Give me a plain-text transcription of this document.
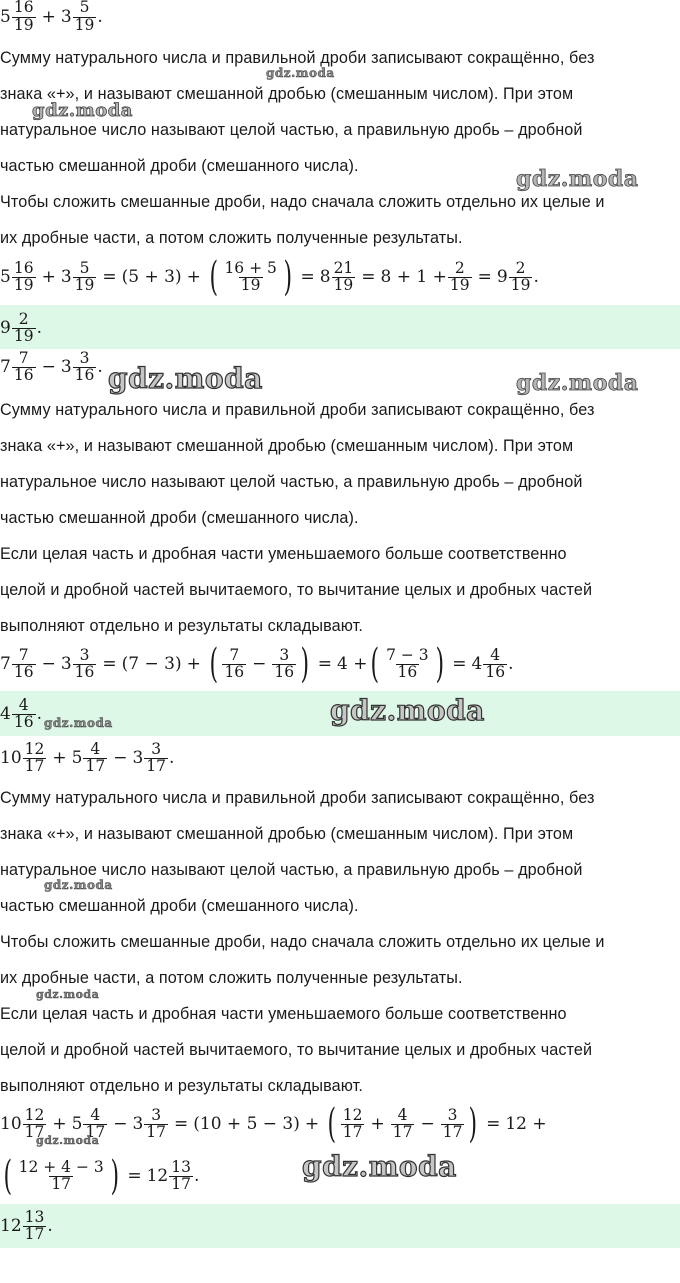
$5 \frac{16}{19} + 3 \frac{5}{19}$ .
Сумму натурального числа и правильной дроби записывают сокращённо, без
знака «+», и называют смешанной дробью (смешанным числом). При этом
натуральное число называют целой частью, а правильную дробь – дробной
частью смешанной дроби (смешанного числа).
Чтобы сложить смешанные дроби, надо сначала сложить отдельно их целые и
их дробные части, а потом сложить полученные результаты.
$5 \frac{16}{19} + 3 \frac{5}{19} = (5 + 3)$ + ( $\frac{16 + 5}{19}$ ) = $8 \frac{21}{19} = 8 + 1 + \frac{2}{19} = 9 \frac{2}{19}$ .
$9 \frac{2}{19}$ .
$7 \frac{7}{16} - 3 \frac{3}{16}$ .
Сумму натурального числа и правильной дроби записывают сокращённо, без
знака «+», и называют смешанной дробью (смешанным числом). При этом
натуральное число называют целой частью, а правильную дробь – дробной
частью смешанной дроби (смешанного числа).
Если целая часть и дробная части уменьшаемого больше соответственно
целой и дробной частей вычитаемого, то вычитание целых и дробных частей
выполняют отдельно и результаты складывают.
$7 \frac{7}{16} - 3 \frac{3}{16} = (7 - 3)$ + ( $\frac{7}{16} - \frac{3}{16}$ ) = 4 + ( $\frac{7 - 3}{16}$ ) = $4 \frac{4}{16}$ .
$4 \frac{4}{16}$ .
$10 \frac{12}{17} + 5 \frac{4}{17} - 3 \frac{3}{17}$ .
Сумму натурального числа и правильной дроби записывают сокращённо, без
знака «+», и называют смешанной дробью (смешанным числом). При этом
натуральное число называют целой частью, а правильную дробь – дробной
частью смешанной дроби (смешанного числа).
Чтобы сложить смешанные дроби, надо сначала сложить отдельно их целые и
их дробные части, а потом сложить полученные результаты.
Если целая часть и дробная части уменьшаемого больше соответственно
целой и дробной частей вычитаемого, то вычитание целых и дробных частей
выполняют отдельно и результаты складывают.
$10 \frac{12}{17} + 5 \frac{4}{17} - 3 \frac{3}{17} = (10 + 5 - 3)$ + ( $\frac{12}{17} + \frac{4}{17} - \frac{3}{17}$ ) = 12 +
( $\frac{12 + 4 - 3}{17}$ ) = $12 \frac{13}{17}$ .
$12 \frac{13}{17}$ .
gdz.moda
gdz.moda
gdz.moda
gdz.moda	gdz.moda
gdz.moda	gdz.moda
gdz.moda
gdz.moda
gdz.moda
gdz.moda
